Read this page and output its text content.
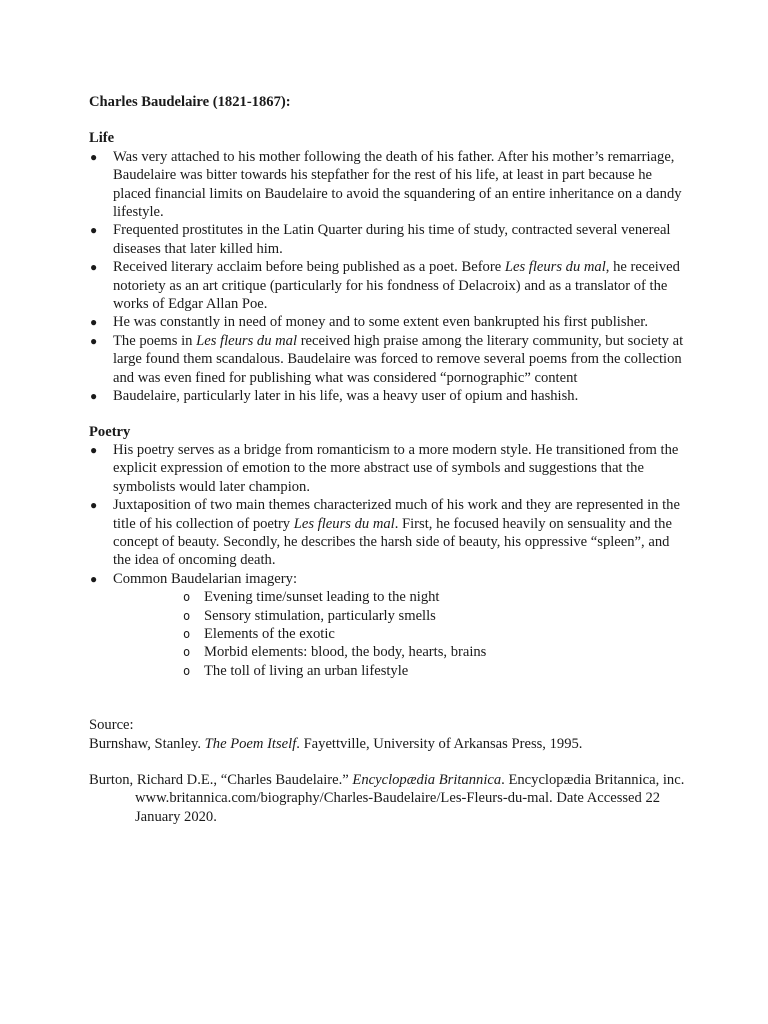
Charles Baudelaire (1821-1867):

Life

● Was very attached to his mother following the death of his father. After his mother’s remarriage, Baudelaire was bitter towards his stepfather for the rest of his life, at least in part because he placed financial limits on Baudelaire to avoid the squandering of an entire inheritance on a dandy lifestyle.
● Frequented prostitutes in the Latin Quarter during his time of study, contracted several venereal diseases that later killed him.
● Received literary acclaim before being published as a poet. Before Les fleurs du mal, he received notoriety as an art critique (particularly for his fondness of Delacroix) and as a translator of the works of Edgar Allan Poe.
● He was constantly in need of money and to some extent even bankrupted his first publisher.
● The poems in Les fleurs du mal received high praise among the literary community, but society at large found them scandalous. Baudelaire was forced to remove several poems from the collection and was even fined for publishing what was considered “pornographic” content
● Baudelaire, particularly later in his life, was a heavy user of opium and hashish.

Poetry

● His poetry serves as a bridge from romanticism to a more modern style. He transitioned from the explicit expression of emotion to the more abstract use of symbols and suggestions that the symbolists would later champion.
● Juxtaposition of two main themes characterized much of his work and they are represented in the title of his collection of poetry Les fleurs du mal. First, he focused heavily on sensuality and the concept of beauty. Secondly, he describes the harsh side of beauty, his oppressive “spleen”, and the idea of oncoming death.
● Common Baudelarian imagery:
o Evening time/sunset leading to the night
o Sensory stimulation, particularly smells
o Elements of the exotic
o Morbid elements: blood, the body, hearts, brains
o The toll of living an urban lifestyle

Source:

Burnshaw, Stanley. The Poem Itself. Fayettville, University of Arkansas Press, 1995.

Burton, Richard D.E., “Charles Baudelaire.” Encyclopædia Britannica. Encyclopædia Britannica, inc. www.britannica.com/biography/Charles-Baudelaire/Les-Fleurs-du-mal. Date Accessed 22 January 2020.
